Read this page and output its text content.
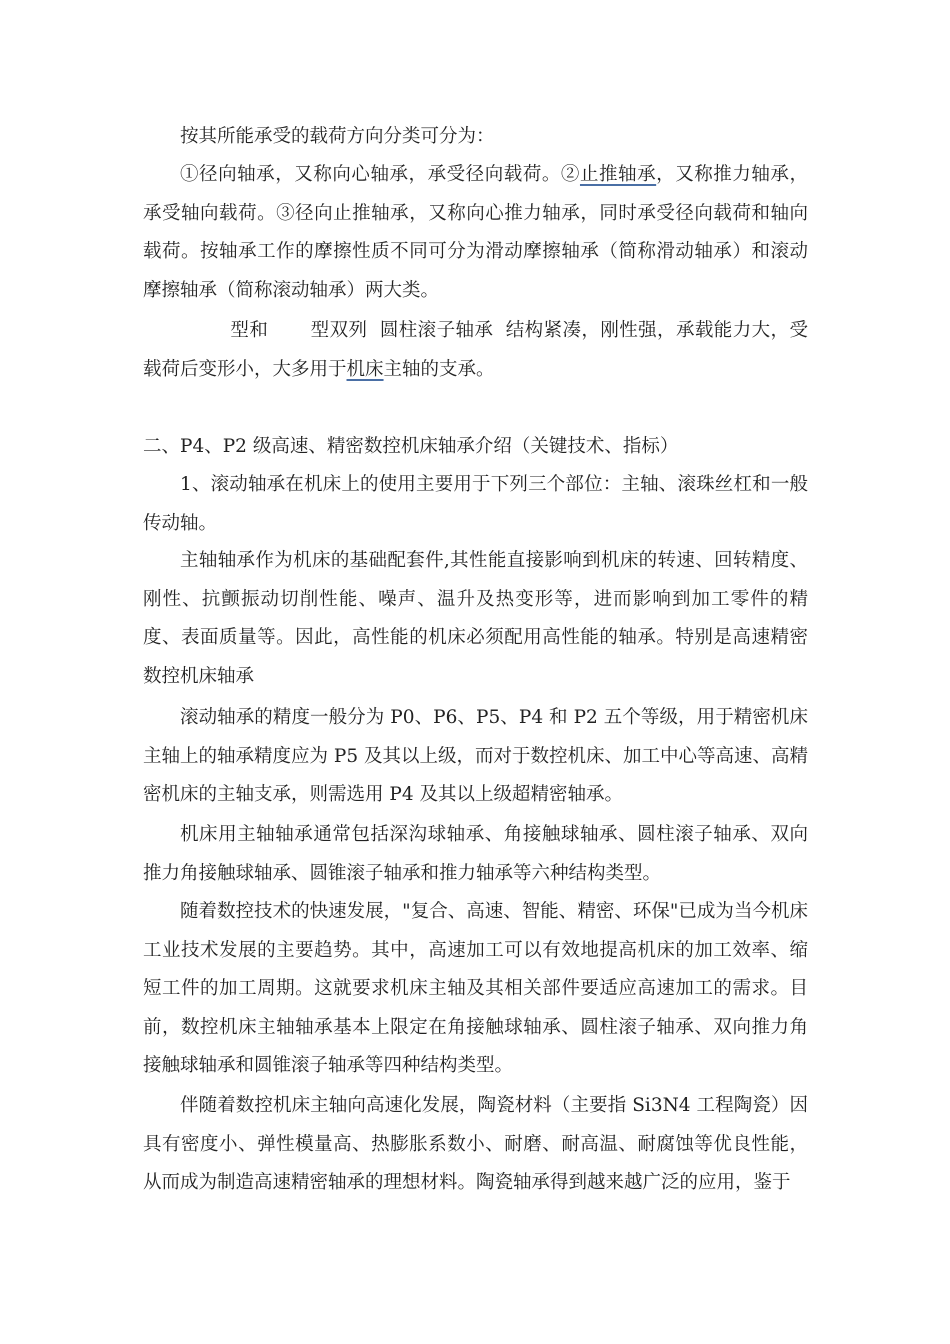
按其所能承受的载荷方向分类可分为：

①径向轴承，又称向心轴承，承受径向载荷。②止推轴承，又称推力轴承，承受轴向载荷。③径向止推轴承，又称向心推力轴承，同时承受径向载荷和轴向载荷。按轴承工作的摩擦性质不同可分为滑动摩擦轴承（简称滑动轴承）和滚动摩擦轴承（简称滚动轴承）两大类。

型和 型双列 圆柱滚子轴承 结构紧凑，刚性强，承载能力大，受载荷后变形小，大多用于机床主轴的支承。

二、P4、P2 级高速、精密数控机床轴承介绍（关键技术、指标）

1、滚动轴承在机床上的使用主要用于下列三个部位：主轴、滚珠丝杠和一般传动轴。

主轴轴承作为机床的基础配套件,其性能直接影响到机床的转速、回转精度、刚性、抗颤振动切削性能、噪声、温升及热变形等，进而影响到加工零件的精度、表面质量等。因此，高性能的机床必须配用高性能的轴承。特别是高速精密数控机床轴承

滚动轴承的精度一般分为 P0、P6、P5、P4 和 P2 五个等级，用于精密机床主轴上的轴承精度应为 P5 及其以上级，而对于数控机床、加工中心等高速、高精密机床的主轴支承，则需选用 P4 及其以上级超精密轴承。

机床用主轴轴承通常包括深沟球轴承、角接触球轴承、圆柱滚子轴承、双向推力角接触球轴承、圆锥滚子轴承和推力轴承等六种结构类型。

随着数控技术的快速发展，"复合、高速、智能、精密、环保"已成为当今机床工业技术发展的主要趋势。其中，高速加工可以有效地提高机床的加工效率、缩短工件的加工周期。这就要求机床主轴及其相关部件要适应高速加工的需求。目前，数控机床主轴轴承基本上限定在角接触球轴承、圆柱滚子轴承、双向推力角接触球轴承和圆锥滚子轴承等四种结构类型。

伴随着数控机床主轴向高速化发展，陶瓷材料（主要指 Si3N4 工程陶瓷）因具有密度小、弹性模量高、热膨胀系数小、耐磨、耐高温、耐腐蚀等优良性能，从而成为制造高速精密轴承的理想材料。陶瓷轴承得到越来越广泛的应用，鉴于
